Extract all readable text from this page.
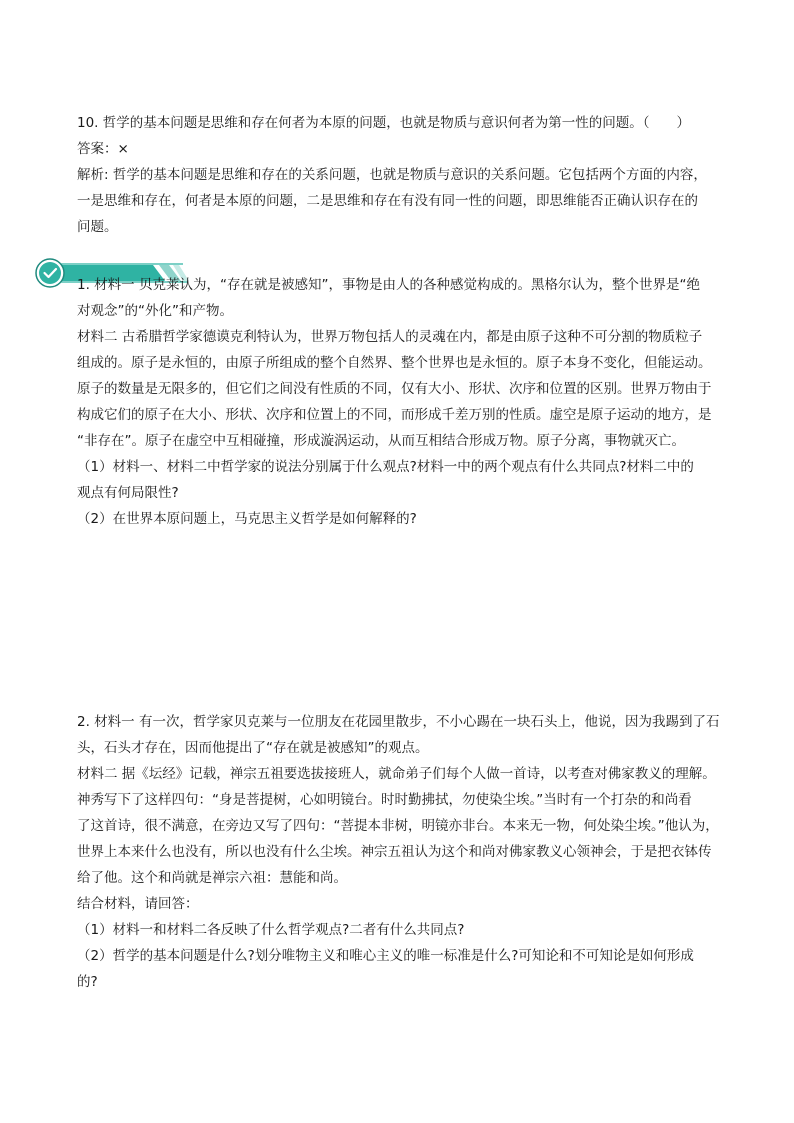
10. 哲学的基本问题是思维和存在何者为本原的问题，也就是物质与意识何者为第一性的问题。（　　）
答案：×
解析: 哲学的基本问题是思维和存在的关系问题，也就是物质与意识的关系问题。它包括两个方面的内容，
一是思维和存在，何者是本原的问题，二是思维和存在有没有同一性的问题，即思维能否正确认识存在的
问题。
1. 材料一 贝克莱认为，“存在就是被感知”，事物是由人的各种感觉构成的。黑格尔认为，整个世界是“绝
对观念”的“外化”和产物。
材料二 古希腊哲学家德谟克利特认为，世界万物包括人的灵魂在内，都是由原子这种不可分割的物质粒子
组成的。原子是永恒的，由原子所组成的整个自然界、整个世界也是永恒的。原子本身不变化，但能运动。
原子的数量是无限多的，但它们之间没有性质的不同，仅有大小、形状、次序和位置的区别。世界万物由于
构成它们的原子在大小、形状、次序和位置上的不同，而形成千差万别的性质。虚空是原子运动的地方，是
“非存在”。原子在虚空中互相碰撞，形成漩涡运动，从而互相结合形成万物。原子分离，事物就灭亡。
（1）材料一、材料二中哲学家的说法分别属于什么观点?材料一中的两个观点有什么共同点?材料二中的
观点有何局限性?
（2）在世界本原问题上，马克思主义哲学是如何解释的?
2. 材料一 有一次，哲学家贝克莱与一位朋友在花园里散步，不小心踢在一块石头上，他说，因为我踢到了石
头，石头才存在，因而他提出了“存在就是被感知”的观点。
材料二 据《坛经》记载，禅宗五祖要选拔接班人，就命弟子们每个人做一首诗，以考查对佛家教义的理解。
神秀写下了这样四句：“身是菩提树，心如明镜台。时时勤拂拭，勿使染尘埃。”当时有一个打杂的和尚看
了这首诗，很不满意，在旁边又写了四句：“菩提本非树，明镜亦非台。本来无一物，何处染尘埃。”他认为，
世界上本来什么也没有，所以也没有什么尘埃。神宗五祖认为这个和尚对佛家教义心领神会，于是把衣钵传
给了他。这个和尚就是禅宗六祖：慧能和尚。
结合材料，请回答：
（1）材料一和材料二各反映了什么哲学观点?二者有什么共同点?
（2）哲学的基本问题是什么?划分唯物主义和唯心主义的唯一标准是什么?可知论和不可知论是如何形成
的?
